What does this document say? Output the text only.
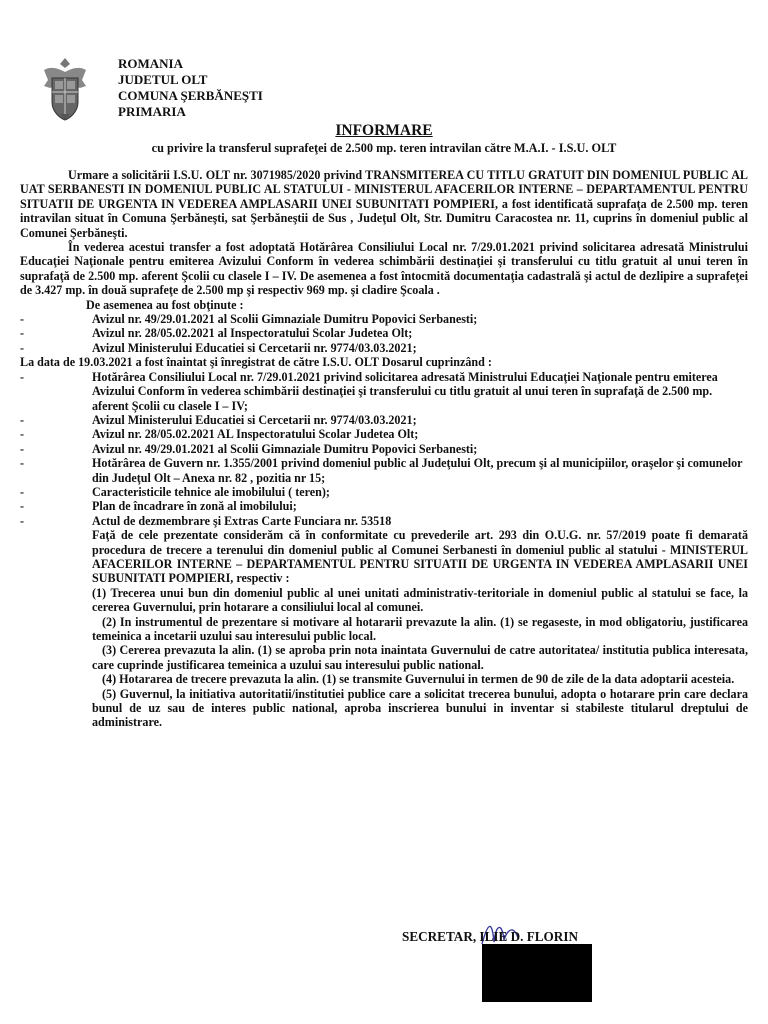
ROMANIA
JUDETUL OLT
COMUNA ŞERBĂNEŞTI
PRIMARIA
INFORMARE
cu privire la transferul suprafeţei de 2.500 mp. teren intravilan către M.A.I. - I.S.U. OLT

Urmare a solicitării I.S.U. OLT nr. 3071985/2020 privind TRANSMITEREA CU TITLU GRATUIT DIN DOMENIUL PUBLIC AL UAT SERBANESTI IN DOMENIUL PUBLIC AL STATULUI - MINISTERUL AFACERILOR INTERNE – DEPARTAMENTUL PENTRU SITUATII DE URGENTA IN VEDEREA AMPLASARII UNEI SUBUNITATI POMPIERI, a fost identificată suprafaţa de 2.500 mp. teren intravilan situat în Comuna Şerbăneşti, sat Şerbăneştii de Sus , Judeţul Olt, Str. Dumitru Caracostea nr. 11, cuprins în domeniul public al Comunei Şerbăneşti.

În vederea acestui transfer a fost adoptată Hotărârea Consiliului Local nr. 7/29.01.2021 privind solicitarea adresată Ministrului Educaţiei Naţionale pentru emiterea Avizului Conform în vederea schimbării destinaţiei şi transferului cu titlu gratuit al unui teren în suprafaţă de 2.500 mp. aferent Şcolii cu clasele I – IV. De asemenea a fost întocmită documentaţia cadastrală şi actul de dezlipire a suprafeţei de 3.427 mp. în două suprafeţe de 2.500 mp şi respectiv 969 mp. şi cladire Şcoala .

De asemenea au fost obţinute :

-	Avizul nr. 49/29.01.2021 al Scolii Gimnaziale Dumitru Popovici Serbanesti;
-	Avizul nr. 28/05.02.2021 al Inspectoratului Scolar Judetea Olt;
-	Avizul Ministerului Educatiei si Cercetarii nr. 9774/03.03.2021;

La data de 19.03.2021 a fost înaintat şi înregistrat de către I.S.U. OLT Dosarul cuprinzând :

-	Hotărârea Consiliului Local nr. 7/29.01.2021 privind solicitarea adresată Ministrului Educaţiei Naţionale pentru emiterea Avizului Conform în vederea schimbării destinaţiei şi transferului cu titlu gratuit al unui teren în suprafaţă de 2.500 mp. aferent Şcolii cu clasele I – IV;
-	Avizul Ministerului Educatiei si Cercetarii nr. 9774/03.03.2021;
-	Avizul nr. 28/05.02.2021 AL Inspectoratului Scolar Judetea Olt;
-	Avizul nr. 49/29.01.2021 al Scolii Gimnaziale Dumitru Popovici Serbanesti;
-	Hotărârea de Guvern nr. 1.355/2001 privind domeniul public al Judeţului Olt, precum şi al municipiilor, oraşelor şi comunelor din Judeţul Olt – Anexa nr. 82 , pozitia nr 15;
-	Caracteristicile tehnice ale imobilului ( teren);
-	Plan de încadrare în zonă al imobilului;
-	Actul de dezmembrare şi Extras Carte Funciara nr. 53518

Faţă de cele prezentate considerăm că în conformitate cu prevederile art. 293 din O.U.G. nr. 57/2019 poate fi demarată procedura de trecere a terenului din domeniul public al Comunei Serbanesti în domeniul public al statului - MINISTERUL AFACERILOR INTERNE – DEPARTAMENTUL PENTRU SITUATII DE URGENTA IN VEDEREA AMPLASARII UNEI SUBUNITATI POMPIERI, respectiv :

(1) Trecerea unui bun din domeniul public al unei unitati administrativ-teritoriale in domeniul public al statului se face, la cererea Guvernului, prin hotarare a consiliului local al comunei.

(2) In instrumentul de prezentare si motivare al hotararii prevazute la alin. (1) se regaseste, in mod obligatoriu, justificarea temeinica a incetarii uzului sau interesului public local.

(3) Cererea prevazuta la alin. (1) se aproba prin nota inaintata Guvernului de catre autoritatea/ institutia publica interesata, care cuprinde justificarea temeinica a uzului sau interesului public national.

(4) Hotararea de trecere prevazuta la alin. (1) se transmite Guvernului in termen de 90 de zile de la data adoptarii acesteia.

(5) Guvernul, la initiativa autoritatii/institutiei publice care a solicitat trecerea bunului, adopta o hotarare prin care declara bunul de uz sau de interes public national, aproba inscrierea bunului in inventar si stabileste titularul dreptului de administrare.

SECRETAR, ILIE D. FLORIN
